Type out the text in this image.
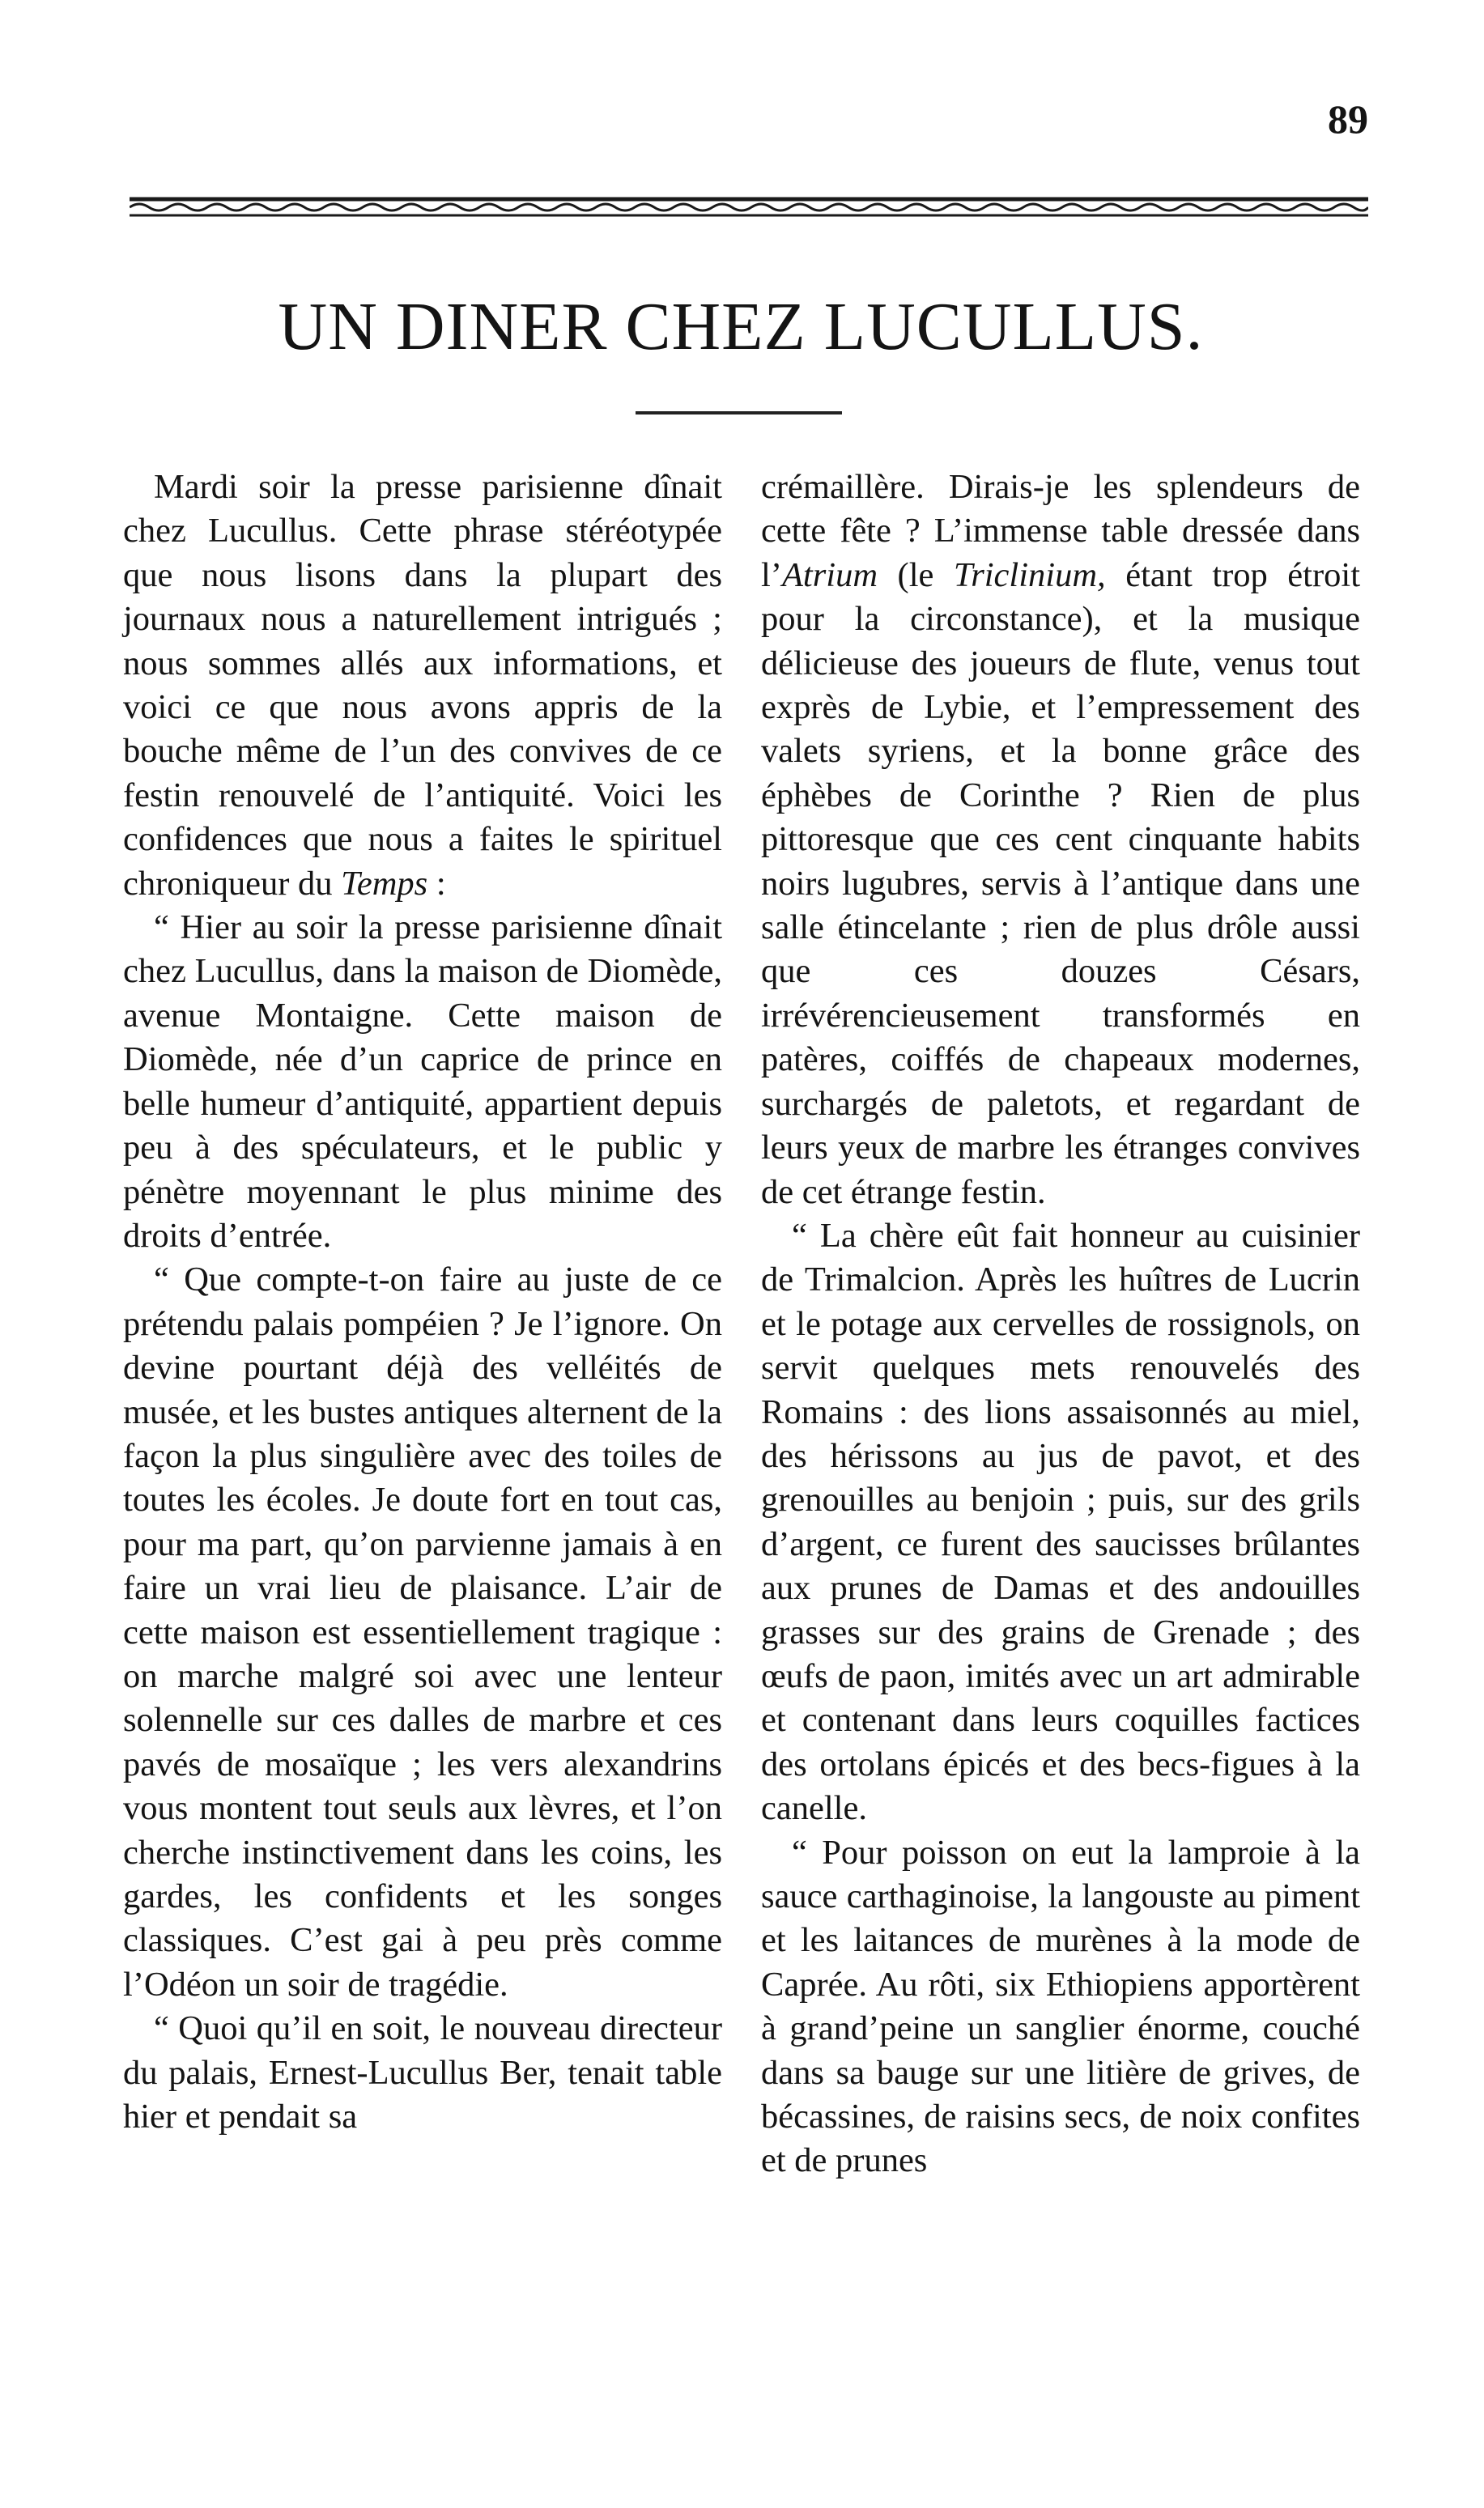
89
UN DINER CHEZ LUCULLUS.

Mardi soir la presse parisienne dînait chez Lucullus. Cette phrase stéréotypée que nous lisons dans la plupart des journaux nous a naturellement intrigués ; nous sommes allés aux informations, et voici ce que nous avons appris de la bouche même de l’un des convives de ce festin renouvelé de l’antiquité. Voici les confidences que nous a faites le spirituel chroniqueur du Temps :

“ Hier au soir la presse parisienne dînait chez Lucullus, dans la maison de Diomède, avenue Montaigne. Cette maison de Diomède, née d’un caprice de prince en belle humeur d’antiquité, appartient depuis peu à des spéculateurs, et le public y pénètre moyennant le plus minime des droits d’entrée.

“ Que compte-t-on faire au juste de ce prétendu palais pompéien ? Je l’ignore. On devine pourtant déjà des velléités de musée, et les bustes antiques alternent de la façon la plus singulière avec des toiles de toutes les écoles. Je doute fort en tout cas, pour ma part, qu’on parvienne jamais à en faire un vrai lieu de plaisance. L’air de cette maison est essentiellement tragique : on marche malgré soi avec une lenteur solennelle sur ces dalles de marbre et ces pavés de mosaïque ; les vers alexandrins vous montent tout seuls aux lèvres, et l’on cherche instinctivement dans les coins, les gardes, les confidents et les songes classiques. C’est gai à peu près comme l’Odéon un soir de tragédie.

“ Quoi qu’il en soit, le nouveau directeur du palais, Ernest-Lucullus Ber, tenait table hier et pendait sa

crémaillère. Dirais-je les splendeurs de cette fête ? L’immense table dressée dans l’Atrium (le Triclinium, étant trop étroit pour la circonstance), et la musique délicieuse des joueurs de flute, venus tout exprès de Lybie, et l’empressement des valets syriens, et la bonne grâce des éphèbes de Corinthe ? Rien de plus pittoresque que ces cent cinquante habits noirs lugubres, servis à l’antique dans une salle étincelante ; rien de plus drôle aussi que ces douzes Césars, irrévérencieusement transformés en patères, coiffés de chapeaux modernes, surchargés de paletots, et regardant de leurs yeux de marbre les étranges convives de cet étrange festin.

“ La chère eût fait honneur au cuisinier de Trimalcion. Après les huîtres de Lucrin et le potage aux cervelles de rossignols, on servit quelques mets renouvelés des Romains : des lions assaisonnés au miel, des hérissons au jus de pavot, et des grenouilles au benjoin ; puis, sur des grils d’argent, ce furent des saucisses brûlantes aux prunes de Damas et des andouilles grasses sur des grains de Grenade ; des œufs de paon, imités avec un art admirable et contenant dans leurs coquilles factices des ortolans épicés et des becs-figues à la canelle.

“ Pour poisson on eut la lamproie à la sauce carthaginoise, la langouste au piment et les laitances de murènes à la mode de Caprée. Au rôti, six Ethiopiens apportèrent à grand’peine un sanglier énorme, couché dans sa bauge sur une litière de grives, de bécassines, de raisins secs, de noix confites et de prunes
